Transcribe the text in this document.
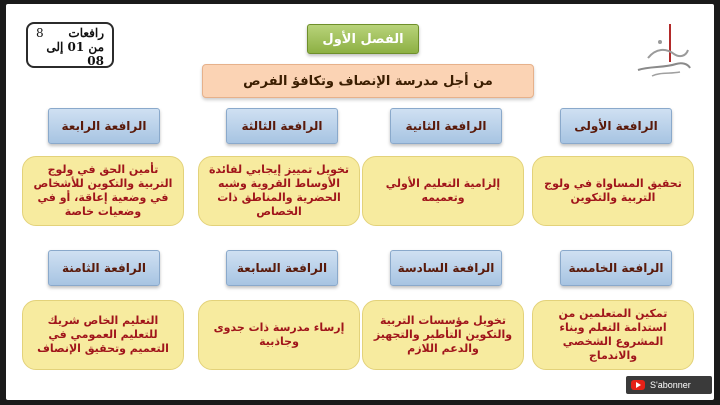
رافعات
8
من 01 إلى 08
الفصل الأول
من أجل مدرسة الإنصاف وتكافؤ الفرص
الرافعة الأولى
الرافعة الثانية
الرافعة الثالثة
الرافعة الرابعة
تحقيق المساواة في ولوج التربية والتكوين
إلزامية التعليم الأولي وتعميمه
تخويل تمييز إيجابي لفائدة الأوساط القروية وشبه الحضرية والمناطق ذات الخصاص
تأمين الحق في ولوج التربية والتكوين للأشخاص في وضعية إعاقة، أو في وضعيات خاصة
الرافعة الخامسة
الرافعة السادسة
الرافعة السابعة
الرافعة الثامنة
تمكين المتعلمين من استدامة التعلم وبناء المشروع الشخصي والاندماج
تخويل مؤسسات التربية والتكوين التأطير والتجهيز والدعم اللازم
إرساء مدرسة ذات جدوى وجاذبية
التعليم الخاص شريك للتعليم العمومي في التعميم وتحقيق الإنصاف
S'abonner
